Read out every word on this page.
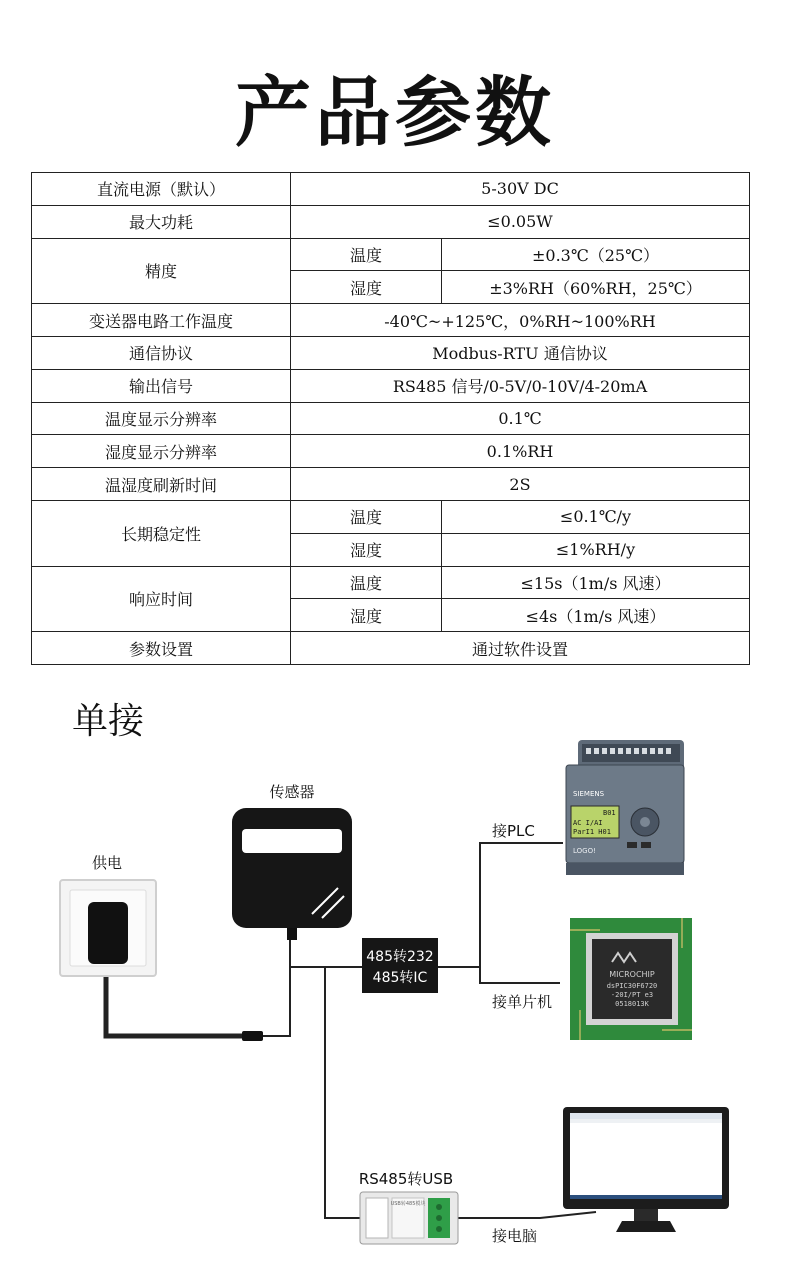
产品参数
直流电源（默认）	5-30V DC	
最大功耗	≤0.05W	
精度	温度	±0.3℃（25℃）
	湿度	±3%RH（60%RH，25℃）
变送器电路工作温度	-40℃~+125℃，0%RH~100%RH	
通信协议	Modbus-RTU 通信协议	
输出信号	RS485 信号/0-5V/0-10V/4-20mA	
温度显示分辨率	0.1℃	
湿度显示分辨率	0.1%RH	
温湿度刷新时间	2S	
长期稳定性	温度	≤0.1℃/y
	湿度	≤1%RH/y
响应时间	温度	≤15s（1m/s 风速）
	湿度	≤4s（1m/s 风速）
参数设置	通过软件设置	
单接
485转232
485转IC
SIEMENS
LOGO!
B01
AC I/AI
ParI1 H01
MICROCHIP
dsPIC30F6720
-20I/PT e3
0518013K
USB转485模块
传感器
供电
接PLC
接单片机
RS485转USB
接电脑
